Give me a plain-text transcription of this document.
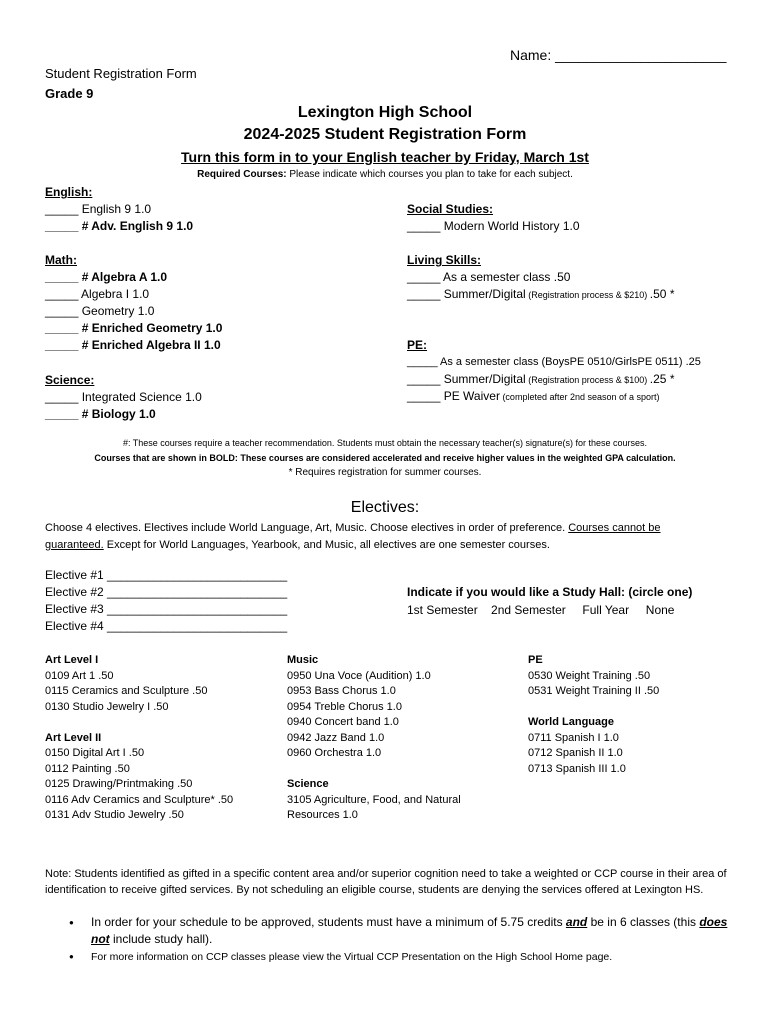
Name: ______________________
Student Registration Form
Grade 9
Lexington High School
2024-2025 Student Registration Form
Turn this form in to your English teacher by Friday, March 1st
Required Courses: Please indicate which courses you plan to take for each subject.
English:
_____ English 9 1.0
_____ # Adv. English 9 1.0
Math:
_____ # Algebra A 1.0
_____ Algebra I 1.0
_____ Geometry 1.0
_____ # Enriched Geometry 1.0
_____ # Enriched Algebra II 1.0
Science:
_____ Integrated Science 1.0
_____ # Biology 1.0
Social Studies:
_____ Modern World History 1.0
Living Skills:
_____ As a semester class .50
_____ Summer/Digital (Registration process & $210) .50 *
PE:
_____ As a semester class (BoysPE 0510/GirlsPE 0511) .25
_____ Summer/Digital (Registration process & $100) .25 *
_____ PE Waiver (completed after 2nd season of a sport)
#: These courses require a teacher recommendation. Students must obtain the necessary teacher(s) signature(s) for these courses.
Courses that are shown in BOLD: These courses are considered accelerated and receive higher values in the weighted GPA calculation.
* Requires registration for summer courses.
Electives:
Choose 4 electives. Electives include World Language, Art, Music. Choose electives in order of preference. Courses cannot be
guaranteed. Except for World Languages, Yearbook, and Music, all electives are one semester courses.
Elective #1 ___________________________
Elective #2 ___________________________
Elective #3 ___________________________
Elective #4 ___________________________
Indicate if you would like a Study Hall: (circle one)
1st Semester    2nd Semester     Full Year     None
Art Level I
0109 Art 1 .50
0115 Ceramics and Sculpture .50
0130 Studio Jewelry I .50
Art Level II
0150 Digital Art I .50
0112 Painting .50
0125 Drawing/Printmaking .50
0116 Adv Ceramics and Sculpture* .50
0131 Adv Studio Jewelry .50
Music
0950 Una Voce (Audition) 1.0
0953 Bass Chorus 1.0
0954 Treble Chorus 1.0
0940 Concert band 1.0
0942 Jazz Band 1.0
0960 Orchestra 1.0
Science
3105 Agriculture, Food, and Natural
Resources 1.0
PE
0530 Weight Training .50
0531 Weight Training II .50
World Language
0711 Spanish I 1.0
0712 Spanish II 1.0
0713 Spanish III 1.0
Note: Students identified as gifted in a specific content area and/or superior cognition need to take a weighted or CCP course in their area of identification to receive gifted services. By not scheduling an eligible course, students are denying the services offered at Lexington HS.
● In order for your schedule to be approved, students must have a minimum of 5.75 credits and be in 6 classes (this does not include study hall).
● For more information on CCP classes please view the Virtual CCP Presentation on the High School Home page.
